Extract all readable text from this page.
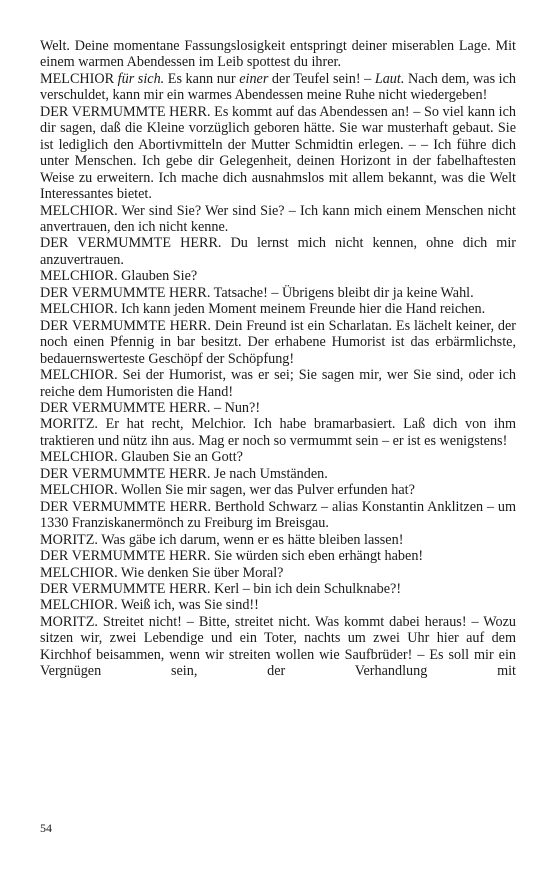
Welt. Deine momentane Fassungslosigkeit entspringt deiner miserablen Lage. Mit einem warmen Abendessen im Leib spottest du ihrer.

MELCHIOR für sich. Es kann nur einer der Teufel sein! – Laut. Nach dem, was ich verschuldet, kann mir ein warmes Abendessen meine Ruhe nicht wiedergeben!

DER VERMUMMTE HERR. Es kommt auf das Abendessen an! – So viel kann ich dir sagen, daß die Kleine vorzüglich geboren hätte. Sie war musterhaft gebaut. Sie ist lediglich den Abortivmitteln der Mutter Schmidtin erlegen. – – Ich führe dich unter Menschen. Ich gebe dir Gelegenheit, deinen Horizont in der fabelhaftesten Weise zu erweitern. Ich mache dich ausnahmslos mit allem bekannt, was die Welt Interessantes bietet.

MELCHIOR. Wer sind Sie? Wer sind Sie? – Ich kann mich einem Menschen nicht anvertrauen, den ich nicht kenne.

DER VERMUMMTE HERR. Du lernst mich nicht kennen, ohne dich mir anzuvertrauen.

MELCHIOR. Glauben Sie?

DER VERMUMMTE HERR. Tatsache! – Übrigens bleibt dir ja keine Wahl.

MELCHIOR. Ich kann jeden Moment meinem Freunde hier die Hand reichen.

DER VERMUMMTE HERR. Dein Freund ist ein Scharlatan. Es lächelt keiner, der noch einen Pfennig in bar besitzt. Der erhabene Humorist ist das erbärmlichste, bedauernswerteste Geschöpf der Schöpfung!

MELCHIOR. Sei der Humorist, was er sei; Sie sagen mir, wer Sie sind, oder ich reiche dem Humoristen die Hand!

DER VERMUMMTE HERR. – Nun?!

MORITZ. Er hat recht, Melchior. Ich habe bramarbasiert. Laß dich von ihm traktieren und nütz ihn aus. Mag er noch so vermummt sein – er ist es wenigstens!

MELCHIOR. Glauben Sie an Gott?

DER VERMUMMTE HERR. Je nach Umständen.

MELCHIOR. Wollen Sie mir sagen, wer das Pulver erfunden hat?

DER VERMUMMTE HERR. Berthold Schwarz – alias Konstantin Anklitzen – um 1330 Franziskanermönch zu Freiburg im Breisgau.

MORITZ. Was gäbe ich darum, wenn er es hätte bleiben lassen!

DER VERMUMMTE HERR. Sie würden sich eben erhängt haben!

MELCHIOR. Wie denken Sie über Moral?

DER VERMUMMTE HERR. Kerl – bin ich dein Schulknabe?!

MELCHIOR. Weiß ich, was Sie sind!!

MORITZ. Streitet nicht! – Bitte, streitet nicht. Was kommt dabei heraus! – Wozu sitzen wir, zwei Lebendige und ein Toter, nachts um zwei Uhr hier auf dem Kirchhof beisammen, wenn wir streiten wollen wie Saufbrüder! – Es soll mir ein Vergnügen sein, der Verhandlung mit

54
